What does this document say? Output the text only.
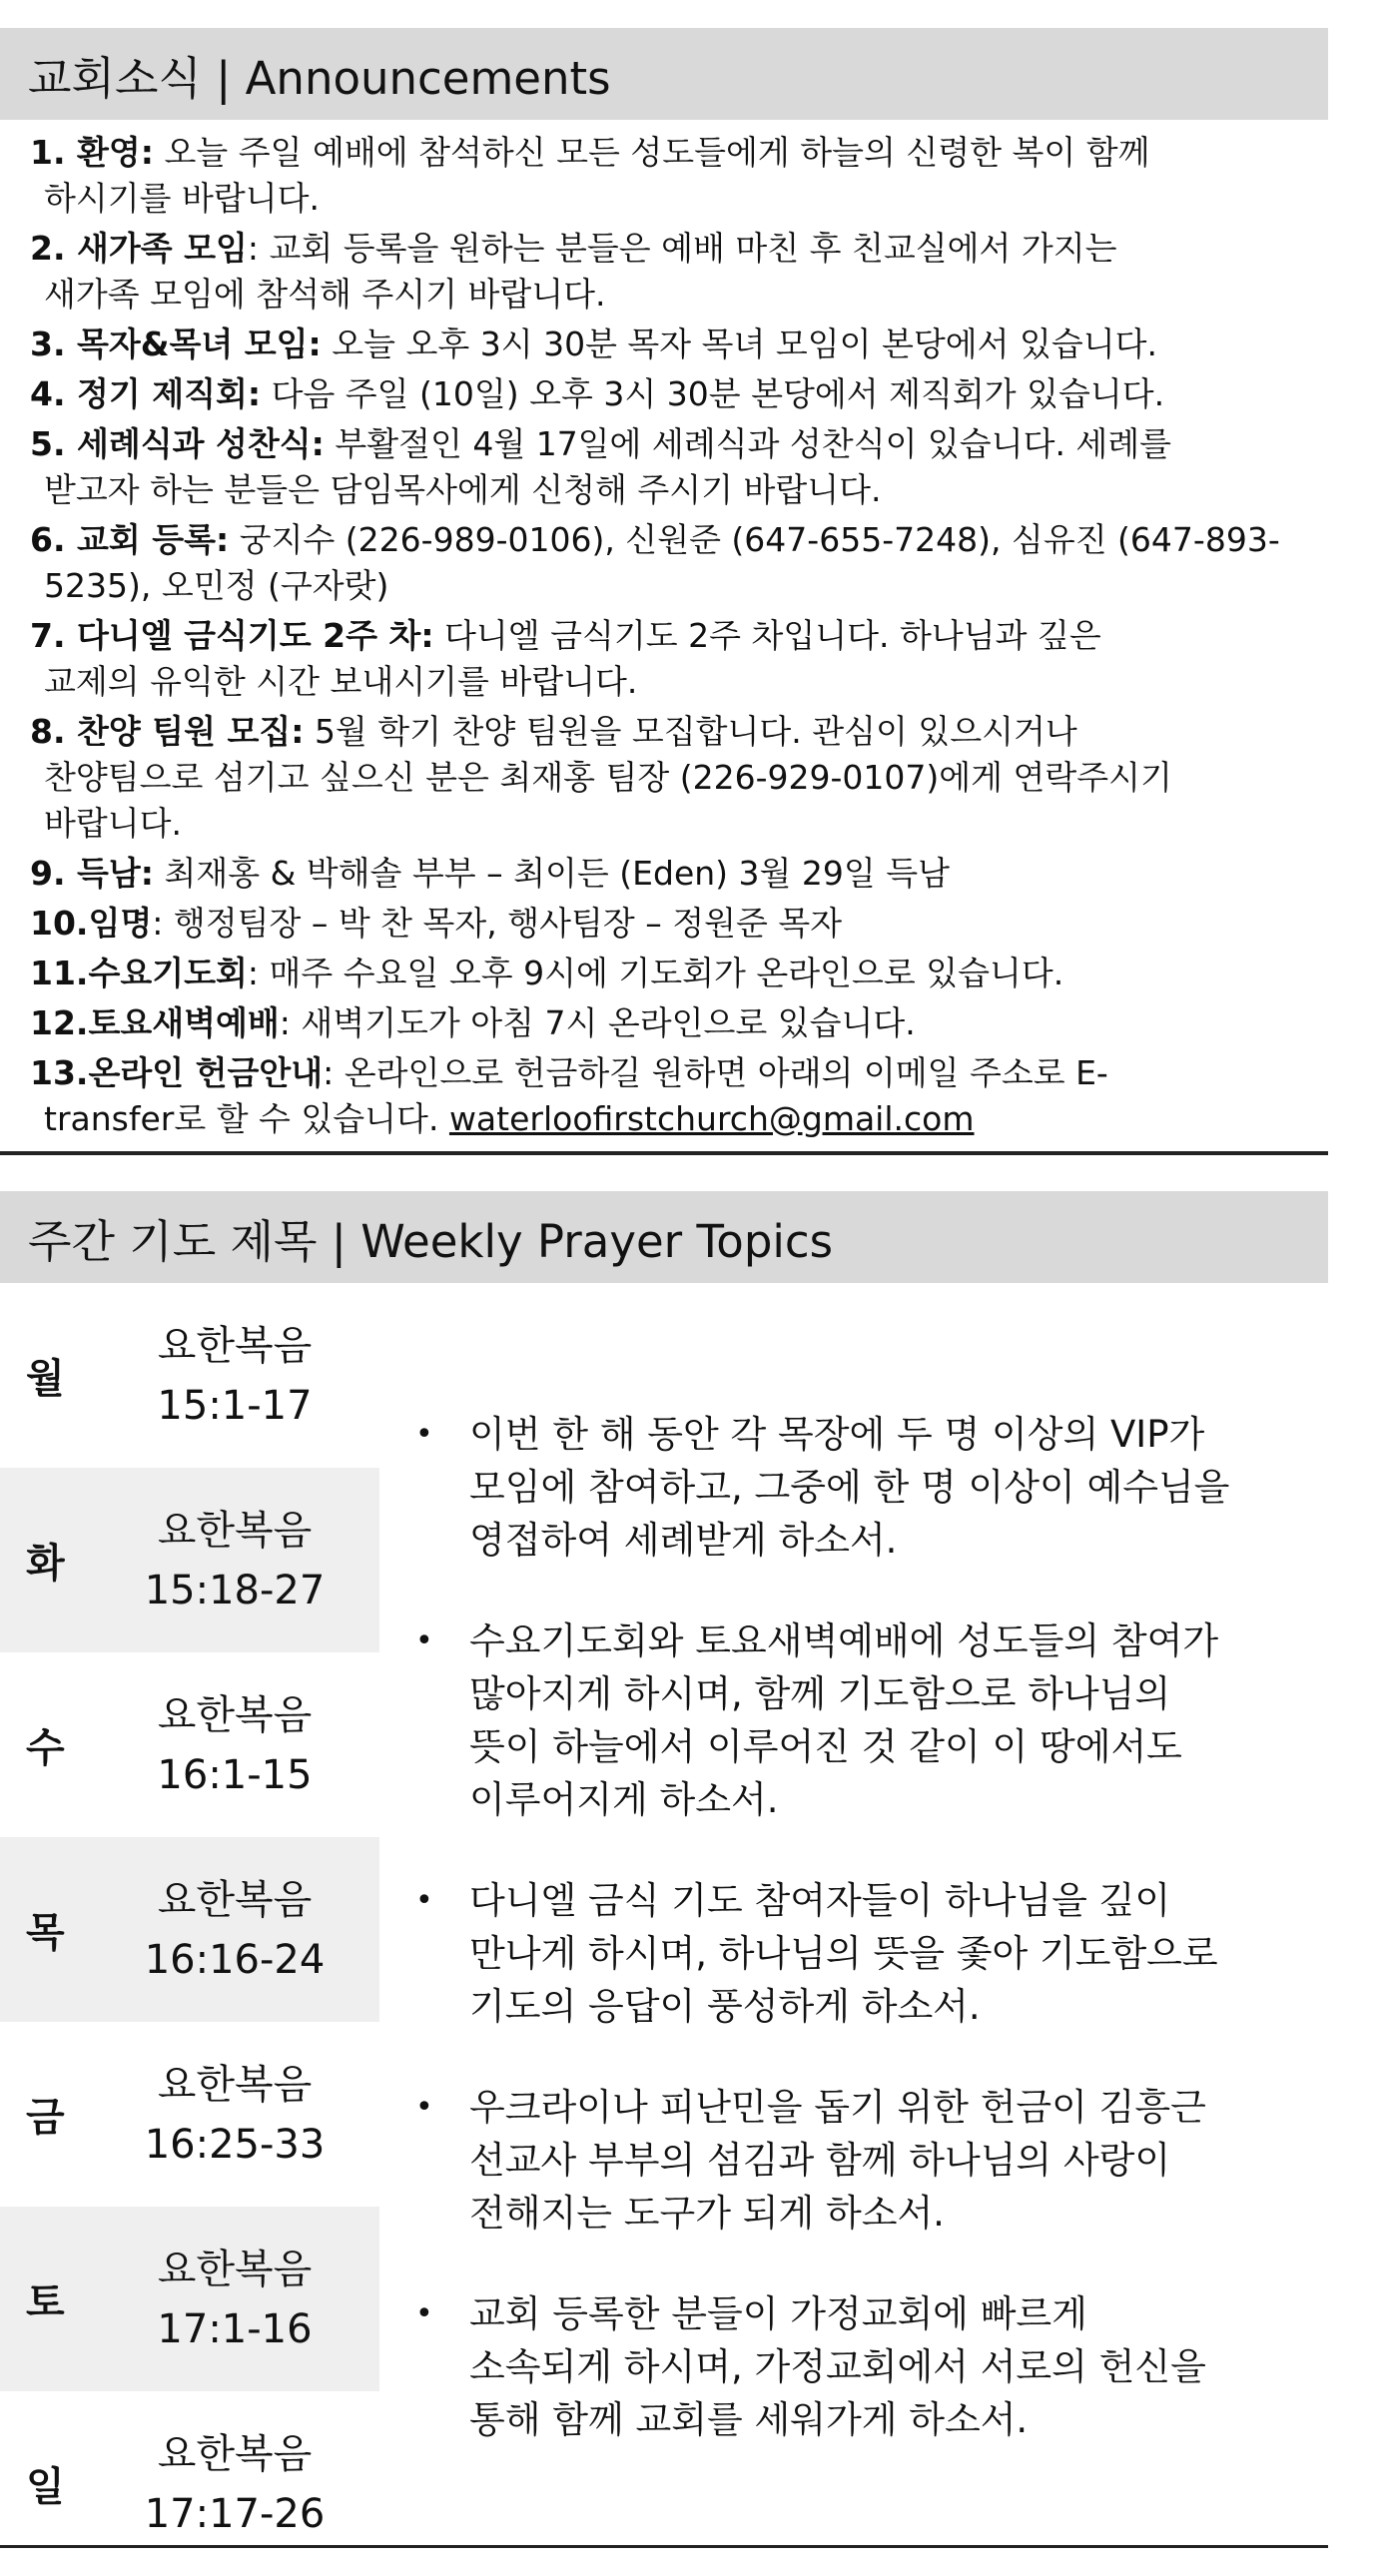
교회소식 | Announcements
1. 환영: 오늘 주일 예배에 참석하신 모든 성도들에게 하늘의 신령한 복이 함께
하시기를 바랍니다.
2. 새가족 모임: 교회 등록을 원하는 분들은 예배 마친 후 친교실에서 가지는
새가족 모임에 참석해 주시기 바랍니다.
3. 목자&목녀 모임: 오늘 오후 3시 30분 목자 목녀 모임이 본당에서 있습니다.
4. 정기 제직회: 다음 주일 (10일) 오후 3시 30분 본당에서 제직회가 있습니다.
5. 세례식과 성찬식: 부활절인 4월 17일에 세례식과 성찬식이 있습니다. 세례를
받고자 하는 분들은 담임목사에게 신청해 주시기 바랍니다.
6. 교회 등록: 궁지수 (226-989-0106), 신원준 (647-655-7248), 심유진 (647-893-
5235), 오민정 (구자랏)
7. 다니엘 금식기도 2주 차: 다니엘 금식기도 2주 차입니다. 하나님과 깊은
교제의 유익한 시간 보내시기를 바랍니다.
8. 찬양 팀원 모집: 5월 학기 찬양 팀원을 모집합니다. 관심이 있으시거나
찬양팀으로 섬기고 싶으신 분은 최재홍 팀장 (226-929-0107)에게 연락주시기
바랍니다.
9. 득남: 최재홍 & 박해솔 부부 – 최이든 (Eden) 3월 29일 득남
10.임명: 행정팀장 – 박 찬 목자, 행사팀장 – 정원준 목자
11.수요기도회: 매주 수요일 오후 9시에 기도회가 온라인으로 있습니다.
12.토요새벽예배: 새벽기도가 아침 7시 온라인으로 있습니다.
13.온라인 헌금안내: 온라인으로 헌금하길 원하면 아래의 이메일 주소로 E-
transfer로 할 수 있습니다. waterloofirstchurch@gmail.com
주간 기도 제목 | Weekly Prayer Topics
월
요한복음
15:1-17
화
요한복음
15:18-27
수
요한복음
16:1-15
목
요한복음
16:16-24
금
요한복음
16:25-33
토
요한복음
17:1-16
일
요한복음
17:17-26
• 이번 한 해 동안 각 목장에 두 명 이상의 VIP가
모임에 참여하고, 그중에 한 명 이상이 예수님을
영접하여 세례받게 하소서.
• 수요기도회와 토요새벽예배에 성도들의 참여가
많아지게 하시며, 함께 기도함으로 하나님의
뜻이 하늘에서 이루어진 것 같이 이 땅에서도
이루어지게 하소서.
• 다니엘 금식 기도 참여자들이 하나님을 깊이
만나게 하시며, 하나님의 뜻을 좇아 기도함으로
기도의 응답이 풍성하게 하소서.
• 우크라이나 피난민을 돕기 위한 헌금이 김흥근
선교사 부부의 섬김과 함께 하나님의 사랑이
전해지는 도구가 되게 하소서.
• 교회 등록한 분들이 가정교회에 빠르게
소속되게 하시며, 가정교회에서 서로의 헌신을
통해 함께 교회를 세워가게 하소서.
